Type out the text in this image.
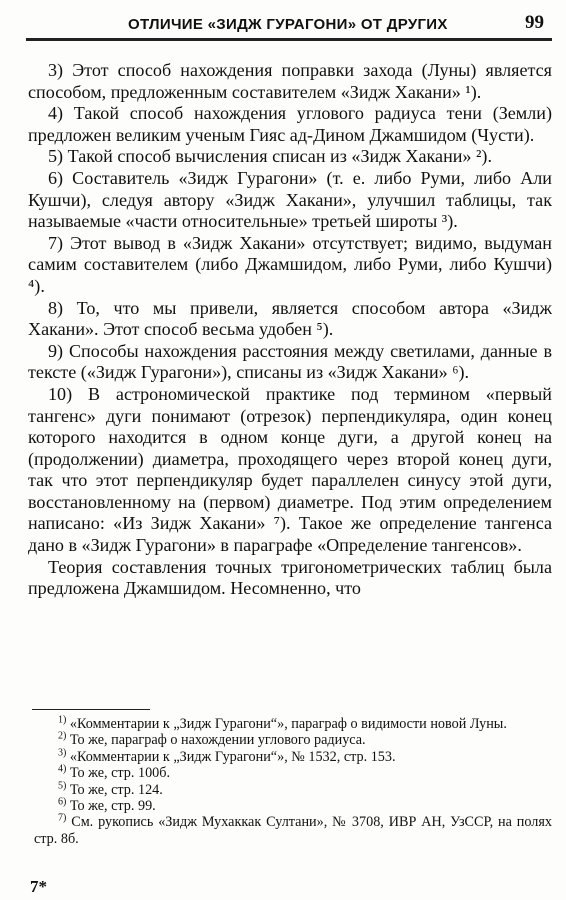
ОТЛИЧИЕ «ЗИДЖ ГУРАГОНИ» ОТ ДРУГИХ	99

3) Этот способ нахождения поправки захода (Луны) является способом, предложенным составителем «Зидж Хакани» ¹).

4) Такой способ нахождения углового радиуса тени (Земли) предложен великим ученым Гияс ад-Дином Джамшидом (Чусти).

5) Такой способ вычисления списан из «Зидж Хакани» ²).

6) Составитель «Зидж Гурагони» (т. е. либо Руми, либо Али Кушчи), следуя автору «Зидж Хакани», улучшил таблицы, так называемые «части относительные» третьей широты ³).

7) Этот вывод в «Зидж Хакани» отсутствует; видимо, выдуман самим составителем (либо Джамшидом, либо Руми, либо Кушчи) ⁴).

8) То, что мы привели, является способом автора «Зидж Хакани». Этот способ весьма удобен ⁵).

9) Способы нахождения расстояния между светилами, данные в тексте («Зидж Гурагони»), списаны из «Зидж Хакани» ⁶).

10) В астрономической практике под термином «первый тангенс» дуги понимают (отрезок) перпендикуляра, один конец которого находится в одном конце дуги, а другой конец на (продолжении) диаметра, проходящего через второй конец дуги, так что этот перпендикуляр будет параллелен синусу этой дуги, восстановленному на (первом) диаметре. Под этим определением написано: «Из Зидж Хакани» ⁷). Такое же определение тангенса дано в «Зидж Гурагони» в параграфе «Определение тангенсов».

Теория составления точных тригонометрических таблиц была предложена Джамшидом. Несомненно, что

$^{1)}$ «Комментарии к „Зидж Гурагони“», параграф о видимости новой Луны.

$^{2)}$ То же, параграф о нахождении углового радиуса.

$^{3)}$ «Комментарии к „Зидж Гурагони“», № 1532, стр. 153.

$^{4)}$ То же, стр. 100б.

$^{5)}$ То же, стр. 124.

$^{6)}$ То же, стр. 99.

$^{7)}$ См. рукопись «Зидж Мухаккак Султани», № 3708, ИВР АН, УзССР, на полях стр. 8б.

7*
